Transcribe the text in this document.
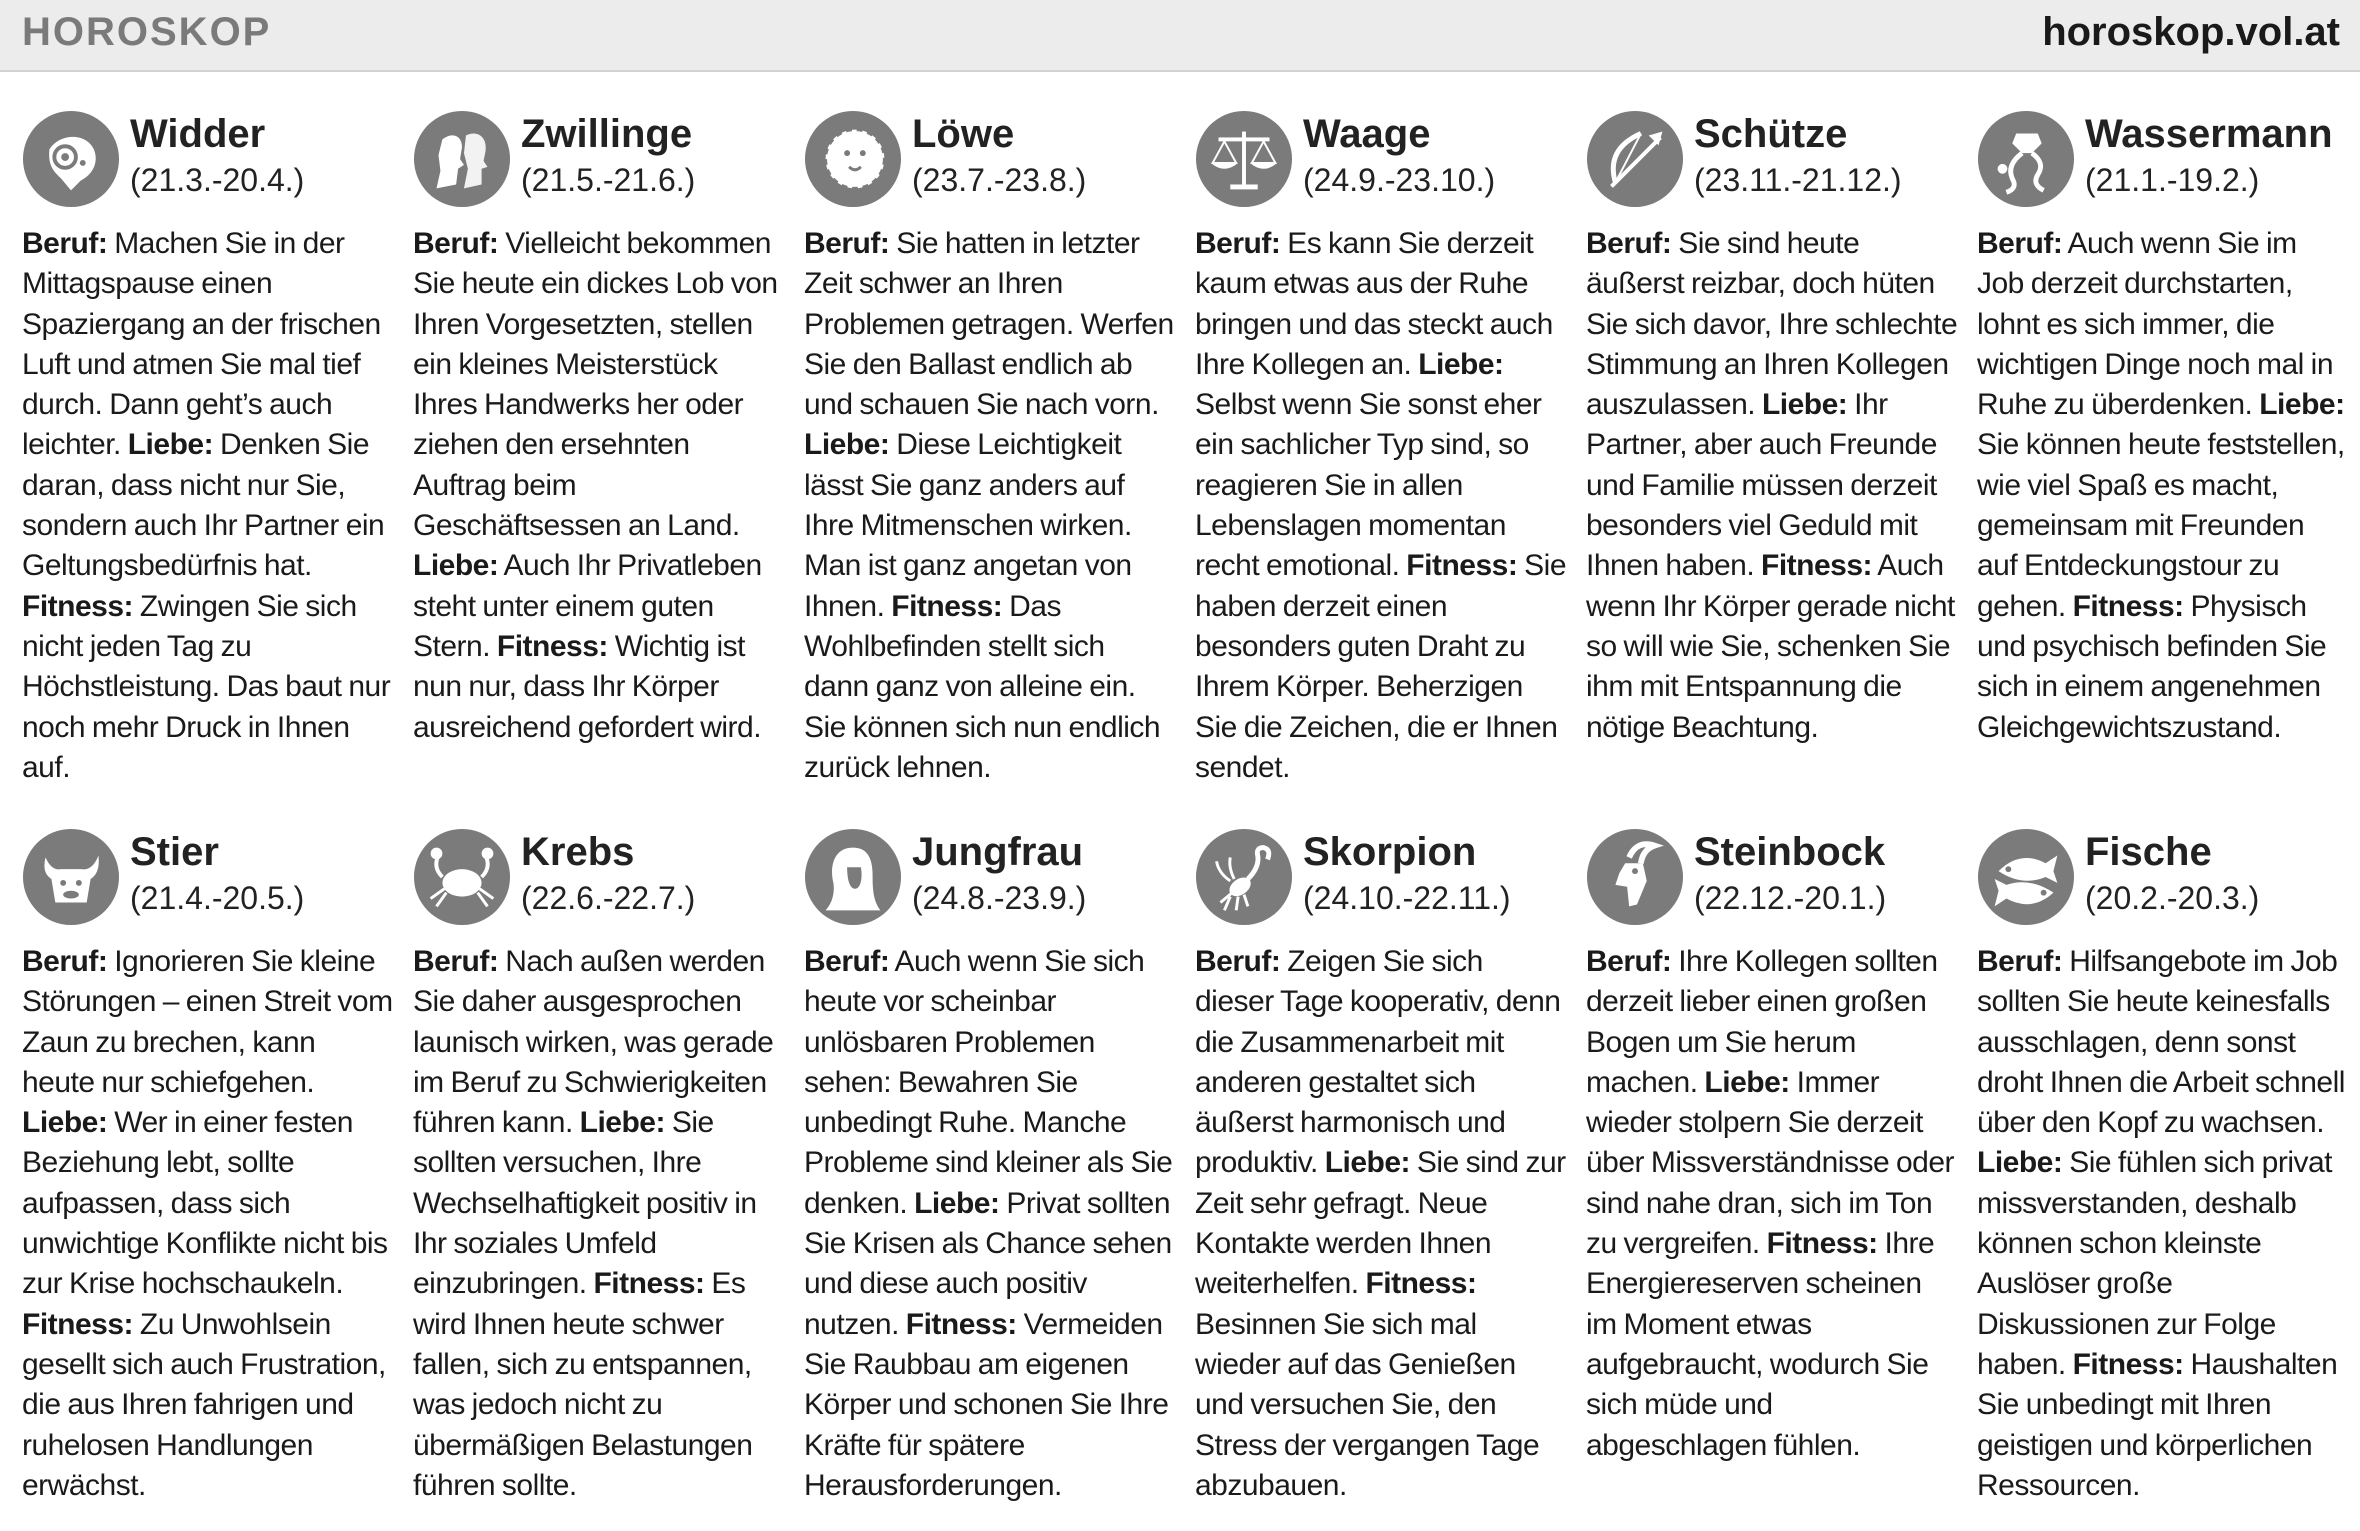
HOROSKOP	horoskop.vol.at
Widder
(21.3.-20.4.)
Beruf: Machen Sie in der Mittagspause einen Spaziergang an der frischen Luft und atmen Sie mal tief durch. Dann geht’s auch leichter. Liebe: Denken Sie daran, dass nicht nur Sie, sondern auch Ihr Partner ein Geltungsbedürfnis hat. Fitness: Zwingen Sie sich nicht jeden Tag zu Höchstleistung. Das baut nur noch mehr Druck in Ihnen auf.
Zwillinge
(21.5.-21.6.)
Beruf: Vielleicht bekommen Sie heute ein dickes Lob von Ihren Vorgesetzten, stellen ein kleines Meisterstück Ihres Handwerks her oder ziehen den ersehnten Auftrag beim Geschäftsessen an Land. Liebe: Auch Ihr Privatleben steht unter einem guten Stern. Fitness: Wichtig ist nun nur, dass Ihr Körper ausreichend gefordert wird.
Löwe
(23.7.-23.8.)
Beruf: Sie hatten in letzter Zeit schwer an Ihren Problemen getragen. Werfen Sie den Ballast endlich ab und schauen Sie nach vorn. Liebe: Diese Leichtigkeit lässt Sie ganz anders auf Ihre Mitmenschen wirken. Man ist ganz angetan von Ihnen. Fitness: Das Wohlbefinden stellt sich dann ganz von alleine ein. Sie können sich nun endlich zurück lehnen.
Waage
(24.9.-23.10.)
Beruf: Es kann Sie derzeit kaum etwas aus der Ruhe bringen und das steckt auch Ihre Kollegen an. Liebe: Selbst wenn Sie sonst eher ein sachlicher Typ sind, so reagieren Sie in allen Lebenslagen momentan recht emotional. Fitness: Sie haben derzeit einen besonders guten Draht zu Ihrem Körper. Beherzigen Sie die Zeichen, die er Ihnen sendet.
Schütze
(23.11.-21.12.)
Beruf: Sie sind heute äußerst reizbar, doch hüten Sie sich davor, Ihre schlechte Stimmung an Ihren Kollegen auszulassen. Liebe: Ihr Partner, aber auch Freunde und Familie müssen derzeit besonders viel Geduld mit Ihnen haben. Fitness: Auch wenn Ihr Körper gerade nicht so will wie Sie, schenken Sie ihm mit Entspannung die nötige Beachtung.
Wassermann
(21.1.-19.2.)
Beruf: Auch wenn Sie im Job derzeit durchstarten, lohnt es sich immer, die wichtigen Dinge noch mal in Ruhe zu überdenken. Liebe: Sie können heute feststellen, wie viel Spaß es macht, gemeinsam mit Freunden auf Entdeckungstour zu gehen. Fitness: Physisch und psychisch befinden Sie sich in einem angenehmen Gleichgewichtszustand.
Stier
(21.4.-20.5.)
Beruf: Ignorieren Sie kleine Störungen – einen Streit vom Zaun zu brechen, kann heute nur schiefgehen. Liebe: Wer in einer festen Beziehung lebt, sollte aufpassen, dass sich unwichtige Konflikte nicht bis zur Krise hochschaukeln. Fitness: Zu Unwohlsein gesellt sich auch Frustration, die aus Ihren fahrigen und ruhelosen Handlungen erwächst.
Krebs
(22.6.-22.7.)
Beruf: Nach außen werden Sie daher ausgesprochen launisch wirken, was gerade im Beruf zu Schwierigkeiten führen kann. Liebe: Sie sollten versuchen, Ihre Wechselhaftigkeit positiv in Ihr soziales Umfeld einzubringen. Fitness: Es wird Ihnen heute schwer fallen, sich zu entspannen, was jedoch nicht zu übermäßigen Belastungen führen sollte.
Jungfrau
(24.8.-23.9.)
Beruf: Auch wenn Sie sich heute vor scheinbar unlösbaren Problemen sehen: Bewahren Sie unbedingt Ruhe. Manche Probleme sind kleiner als Sie denken. Liebe: Privat sollten Sie Krisen als Chance sehen und diese auch positiv nutzen. Fitness: Vermeiden Sie Raubbau am eigenen Körper und schonen Sie Ihre Kräfte für spätere Herausforderungen.
Skorpion
(24.10.-22.11.)
Beruf: Zeigen Sie sich dieser Tage kooperativ, denn die Zusammenarbeit mit anderen gestaltet sich äußerst harmonisch und produktiv. Liebe: Sie sind zur Zeit sehr gefragt. Neue Kontakte werden Ihnen weiterhelfen. Fitness: Besinnen Sie sich mal wieder auf das Genießen und versuchen Sie, den Stress der vergangen Tage abzubauen.
Steinbock
(22.12.-20.1.)
Beruf: Ihre Kollegen sollten derzeit lieber einen großen Bogen um Sie herum machen. Liebe: Immer wieder stolpern Sie derzeit über Missverständnisse oder sind nahe dran, sich im Ton zu vergreifen. Fitness: Ihre Energiereserven scheinen im Moment etwas aufgebraucht, wodurch Sie sich müde und abgeschlagen fühlen.
Fische
(20.2.-20.3.)
Beruf: Hilfsangebote im Job sollten Sie heute keinesfalls ausschlagen, denn sonst droht Ihnen die Arbeit schnell über den Kopf zu wachsen. Liebe: Sie fühlen sich privat missverstanden, deshalb können schon kleinste Auslöser große Diskussionen zur Folge haben. Fitness: Haushalten Sie unbedingt mit Ihren geistigen und körperlichen Ressourcen.
